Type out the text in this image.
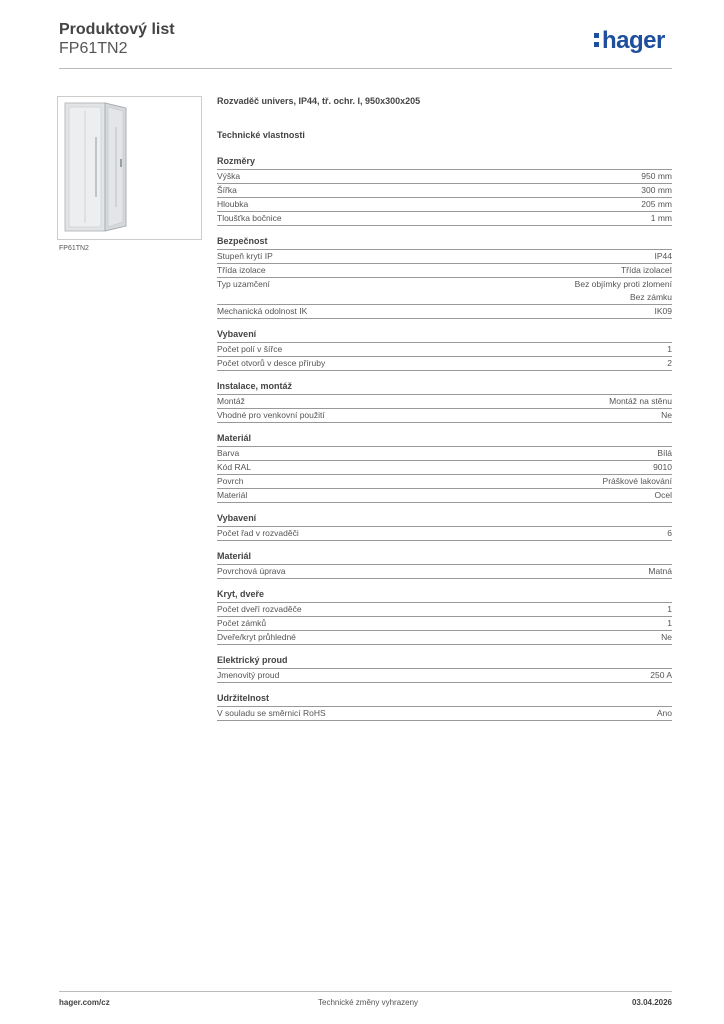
Produktový list
FP61TN2	hager
FP61TN2
Rozvaděč univers, IP44, tř. ochr. I, 950x300x205
Technické vlastnosti
Rozměry
Výška	950 mm
Šířka	300 mm
Hloubka	205 mm
Tloušťka bočnice	1 mm
Bezpečnost
Stupeň krytí IP	IP44
Třída izolace	Třída izolaceI
Typ uzamčení	Bez objímky proti zlomení
Bez zámku
Mechanická odolnost IK	IK09
Vybavení
Počet polí v šířce	1
Počet otvorů v desce příruby	2
Instalace, montáž
Montáž	Montáž na stěnu
Vhodné pro venkovní použití	Ne
Materiál
Barva	Bílá
Kód RAL	9010
Povrch	Práškové lakování
Materiál	Ocel
Vybavení
Počet řad v rozvaděči	6
Materiál
Povrchová úprava	Matná
Kryt, dveře
Počet dveří rozvaděče	1
Počet zámků	1
Dveře/kryt průhledné	Ne
Elektrický proud
Jmenovitý proud	250 A
Udržitelnost
V souladu se směrnicí RoHS	Ano
hager.com/cz	Technické změny vyhrazeny	03.04.2026
